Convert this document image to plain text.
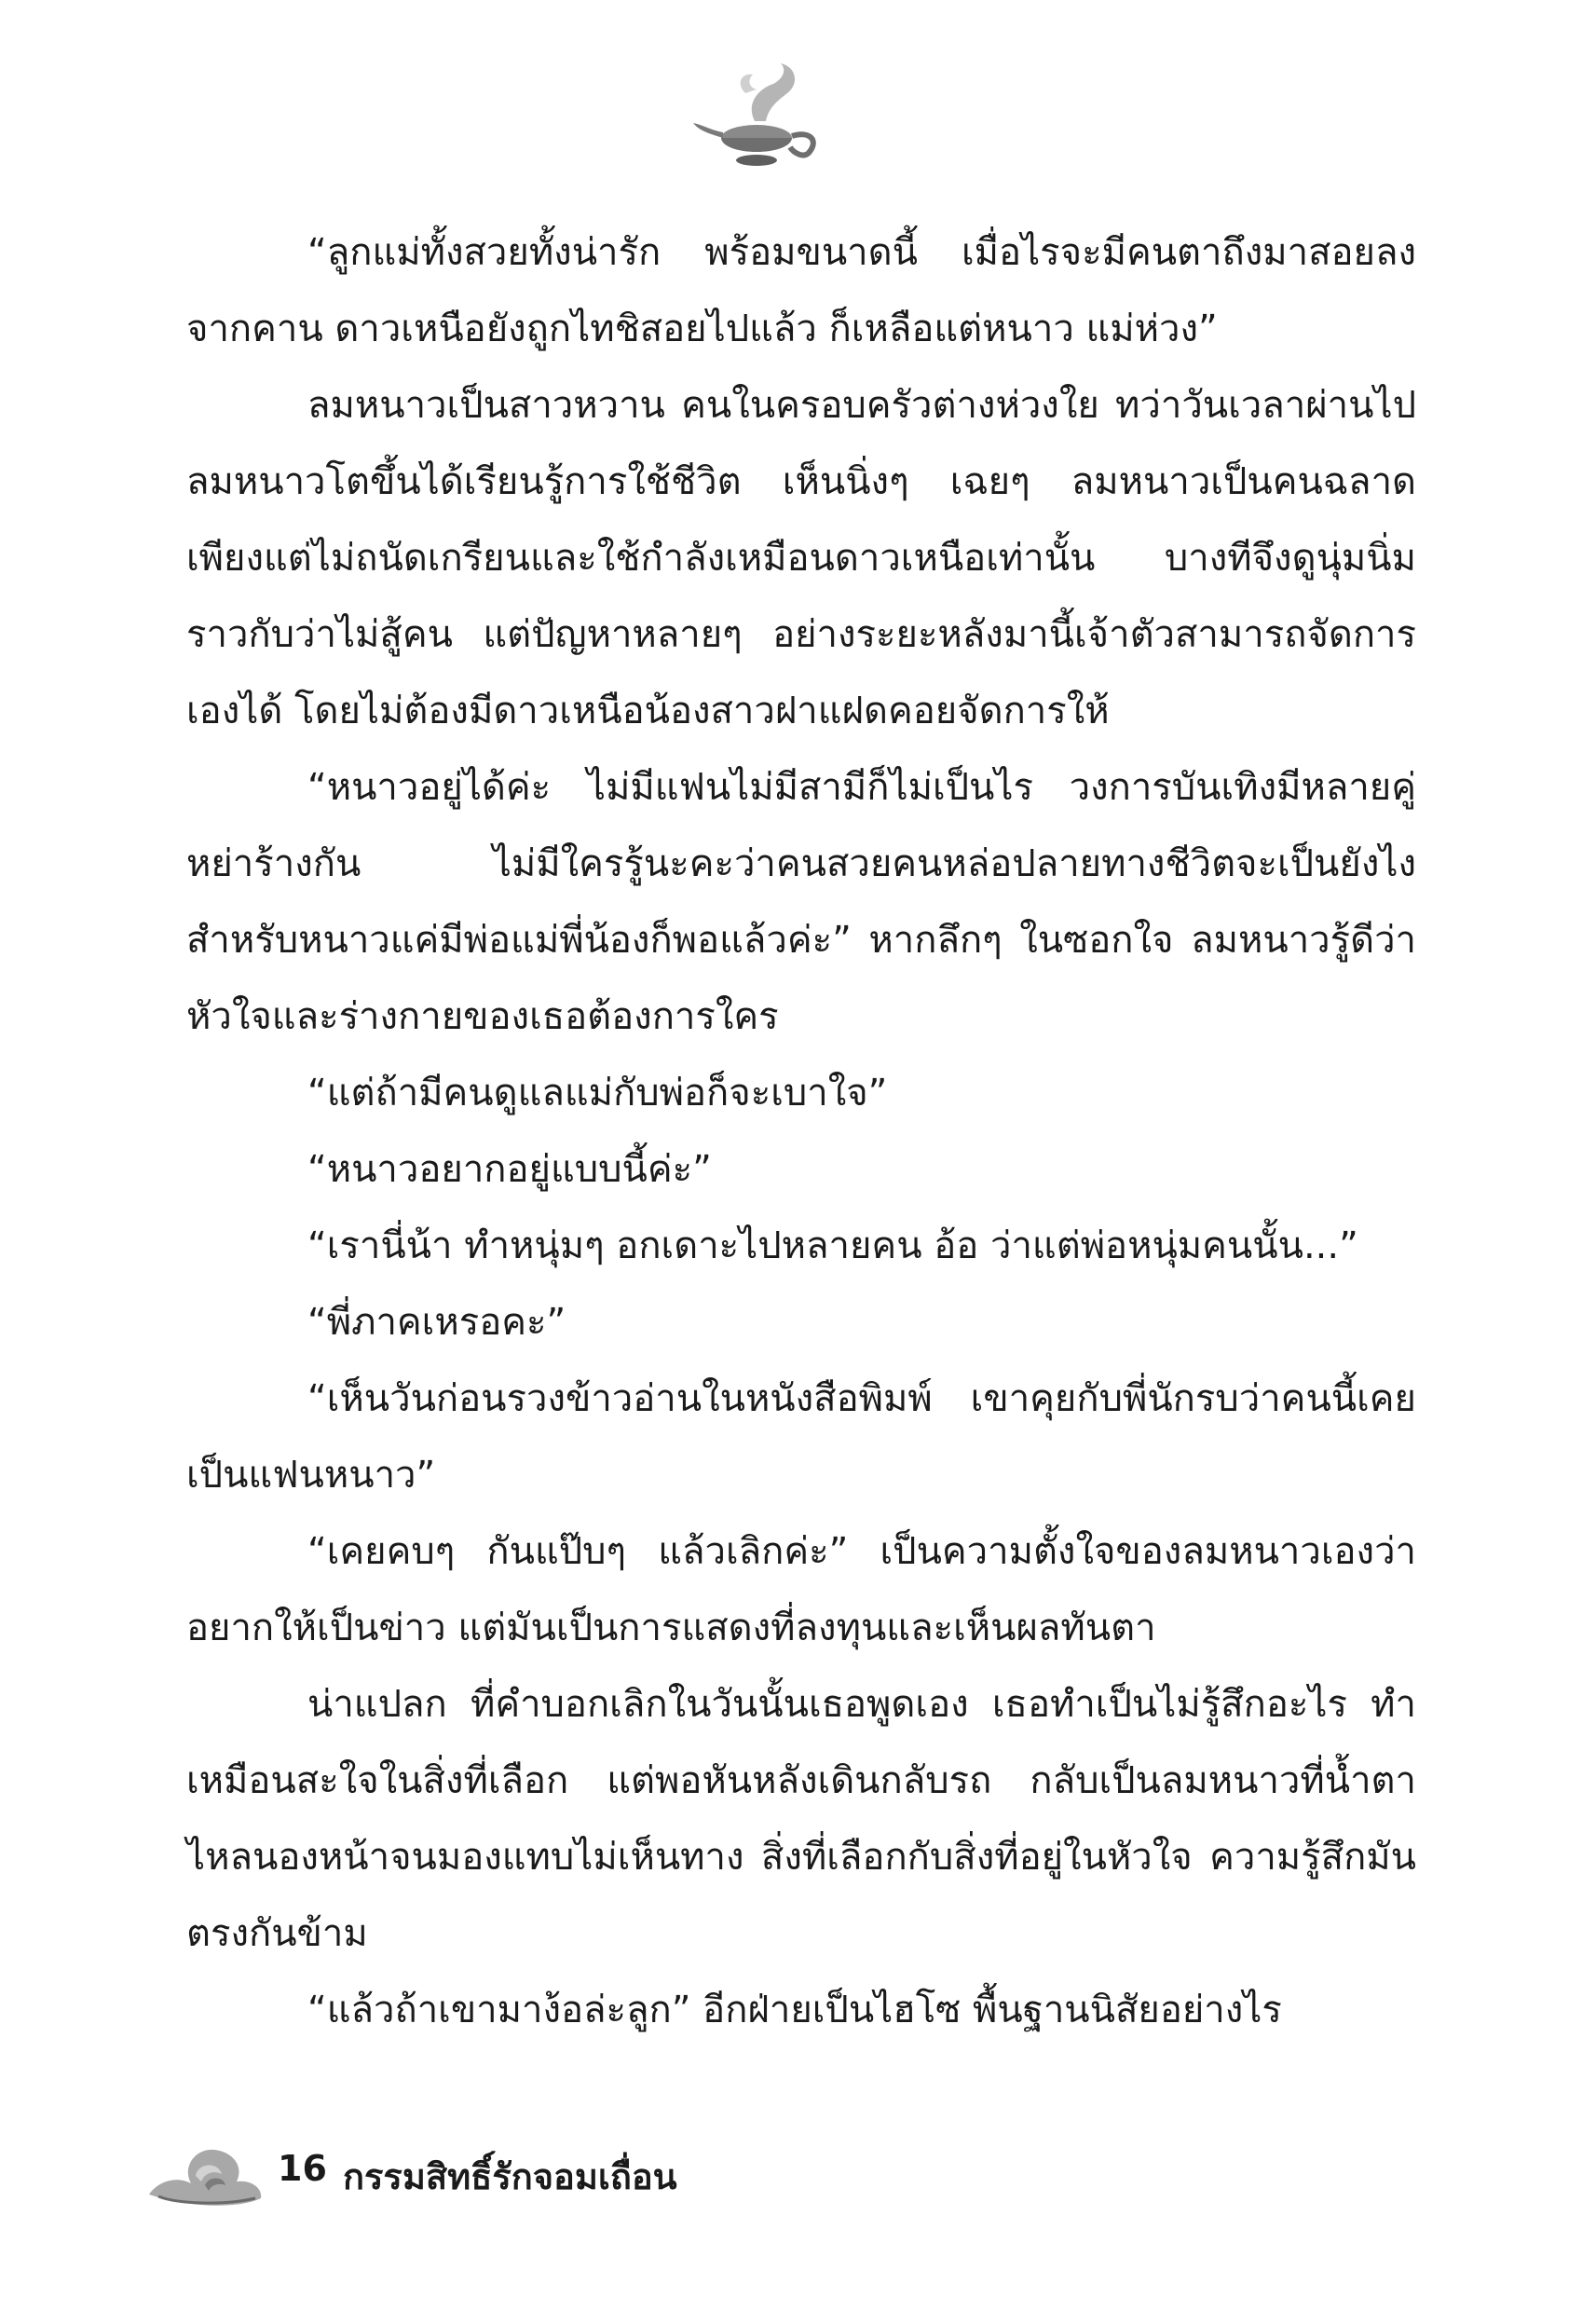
“ลูกแม่ทั้งสวยทั้งน่ารัก พร้อมขนาดนี้ เมื่อไรจะมีคนตาถึงมาสอยลงจากคาน ดาวเหนือยังถูกไทชิสอยไปแล้ว ก็เหลือแต่หนาว แม่ห่วง”

ลมหนาวเป็นสาวหวาน คนในครอบครัวต่างห่วงใย ทว่าวันเวลาผ่านไป ลมหนาวโตขึ้นได้เรียนรู้การใช้ชีวิต เห็นนิ่งๆ เฉยๆ ลมหนาวเป็นคนฉลาด เพียงแต่ไม่ถนัดเกรียนและใช้กำลังเหมือนดาวเหนือเท่านั้น บางทีจึงดูนุ่มนิ่มราวกับว่าไม่สู้คน แต่ปัญหาหลายๆ อย่างระยะหลังมานี้เจ้าตัวสามารถจัดการเองได้ โดยไม่ต้องมีดาวเหนือน้องสาวฝาแฝดคอยจัดการให้

“หนาวอยู่ได้ค่ะ ไม่มีแฟนไม่มีสามีก็ไม่เป็นไร วงการบันเทิงมีหลายคู่หย่าร้างกัน ไม่มีใครรู้นะคะว่าคนสวยคนหล่อปลายทางชีวิตจะเป็นยังไง สำหรับหนาวแค่มีพ่อแม่พี่น้องก็พอแล้วค่ะ” หากลึกๆ ในซอกใจ ลมหนาวรู้ดีว่าหัวใจและร่างกายของเธอต้องการใคร

“แต่ถ้ามีคนดูแลแม่กับพ่อก็จะเบาใจ”

“หนาวอยากอยู่แบบนี้ค่ะ”

“เรานี่น้า ทำหนุ่มๆ อกเดาะไปหลายคน อ้อ ว่าแต่พ่อหนุ่มคนนั้น...”

“พี่ภาคเหรอคะ”

“เห็นวันก่อนรวงข้าวอ่านในหนังสือพิมพ์ เขาคุยกับพี่นักรบว่าคนนี้เคยเป็นแฟนหนาว”

“เคยคบๆ กันแป๊บๆ แล้วเลิกค่ะ” เป็นความตั้งใจของลมหนาวเองว่าอยากให้เป็นข่าว แต่มันเป็นการแสดงที่ลงทุนและเห็นผลทันตา

น่าแปลก ที่คำบอกเลิกในวันนั้นเธอพูดเอง เธอทำเป็นไม่รู้สึกอะไร ทำเหมือนสะใจในสิ่งที่เลือก แต่พอหันหลังเดินกลับรถ กลับเป็นลมหนาวที่น้ำตาไหลนองหน้าจนมองแทบไม่เห็นทาง สิ่งที่เลือกกับสิ่งที่อยู่ในหัวใจ ความรู้สึกมันตรงกันข้าม

“แล้วถ้าเขามาง้อล่ะลูก” อีกฝ่ายเป็นไฮโซ พื้นฐานนิสัยอย่างไร

16 กรรมสิทธิ์รักจอมเถื่อน
